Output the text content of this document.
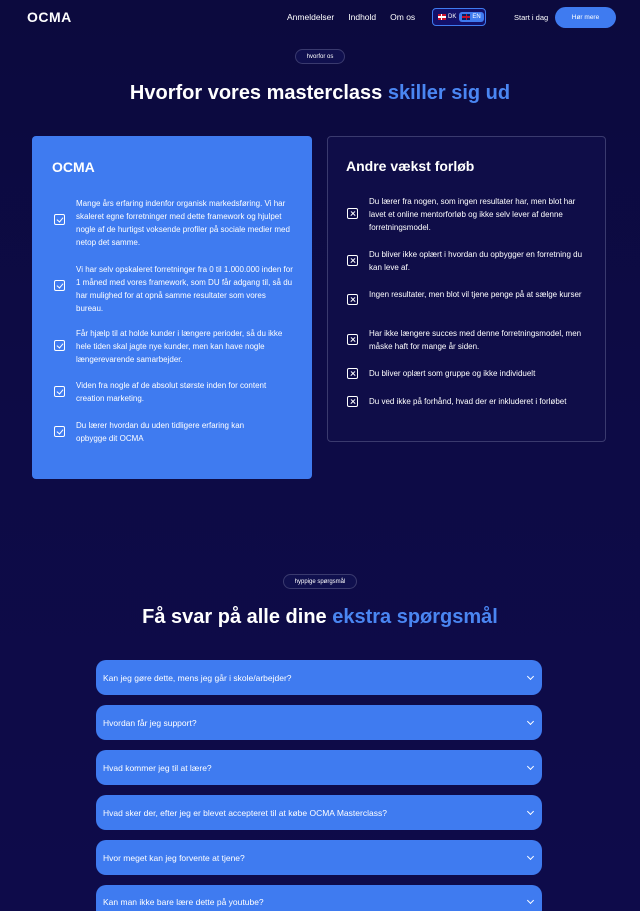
OCMA	Anmeldelser Indhold Om os	DK	EN	Start i dag	Hør mere
hvorfor os
Hvorfor vores masterclass skiller sig ud
OCMA
Mange års erfaring indenfor organisk markedsføring. Vi har skaleret egne forretninger med dette framework og hjulpet nogle af de hurtigst voksende profiler på sociale medier med netop det samme.
Vi har selv opskaleret forretninger fra 0 til 1.000.000 inden for 1 måned med vores framework, som DU får adgang til, så du har mulighed for at opnå samme resultater som vores bureau.
Får hjælp til at holde kunder i længere perioder, så du ikke hele tiden skal jagte nye kunder, men kan have nogle længerevarende samarbejder.
Viden fra nogle af de absolut største inden for content creation marketing.
Du lærer hvordan du uden tidligere erfaring kan opbygge dit OCMA
Andre vækst forløb
Du lærer fra nogen, som ingen resultater har, men blot har lavet et online mentorforløb og ikke selv lever af denne forretningsmodel.
Du bliver ikke oplært i hvordan du opbygger en forretning du kan leve af.
Ingen resultater, men blot vil tjene penge på at sælge kurser
Har ikke længere succes med denne forretningsmodel, men måske haft for mange år siden.
Du bliver oplært som gruppe og ikke individuelt
Du ved ikke på forhånd, hvad der er inkluderet i forløbet
hyppige spørgsmål
Få svar på alle dine ekstra spørgsmål
Kan jeg gøre dette, mens jeg går i skole/arbejder?
Hvordan får jeg support?
Hvad kommer jeg til at lære?
Hvad sker der, efter jeg er blevet accepteret til at købe OCMA Masterclass?
Hvor meget kan jeg forvente at tjene?
Kan man ikke bare lære dette på youtube?
